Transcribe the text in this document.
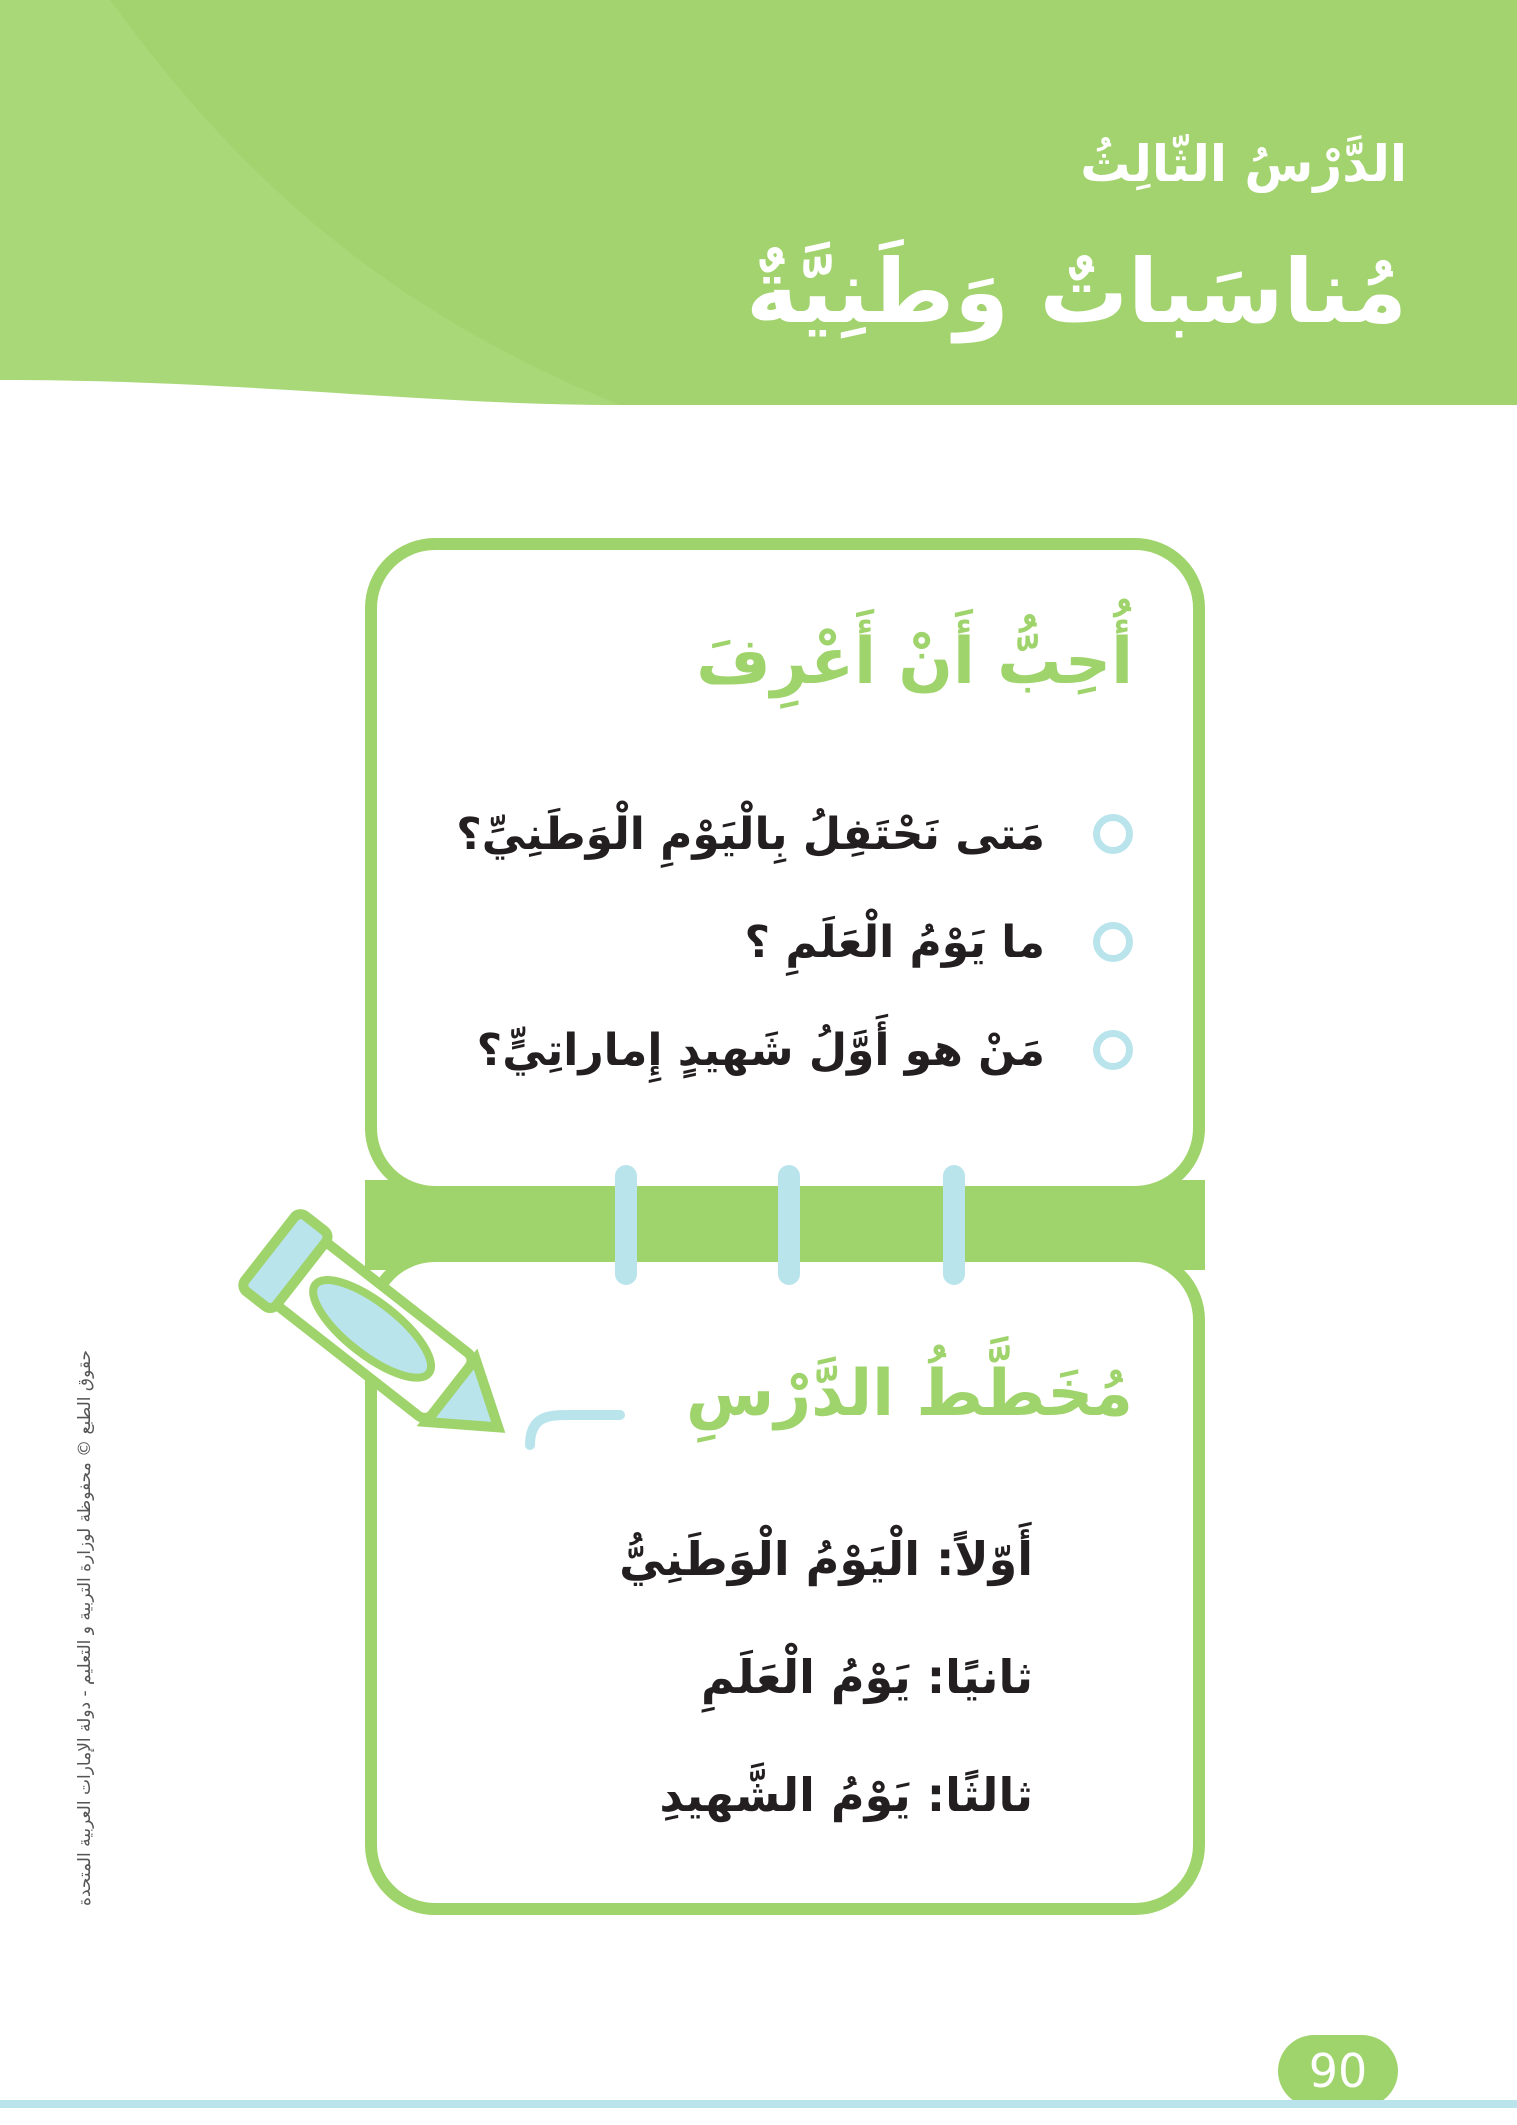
الدَّرْسُ الثّالِثُ
مُناسَباتٌ وَطَنِيَّةٌ
أُحِبُّ أَنْ أَعْرِفَ
مَتى نَحْتَفِلُ بِالْيَوْمِ الْوَطَنِيِّ؟
ما يَوْمُ الْعَلَمِ ؟
مَنْ هو أَوَّلُ شَهيدٍ إِماراتِيٍّ؟
مُخَطَّطُ الدَّرْسِ
أَوّلاً: الْيَوْمُ الْوَطَنِيُّ
ثانيًا: يَوْمُ الْعَلَمِ
ثالثًا: يَوْمُ الشَّهيدِ
حقوق الطبع © محفوظة لوزارة التربية و التعليم - دولة الإمارات العربية المتحدة
90
